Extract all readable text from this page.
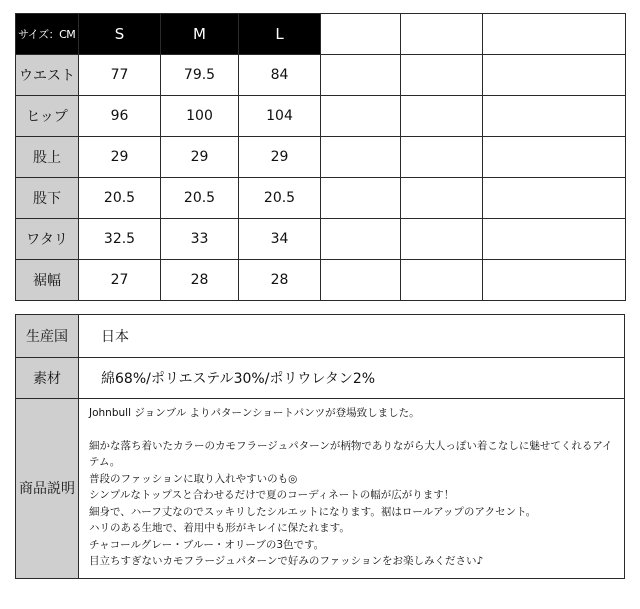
サイズ：CM	S	M	L			
ウエスト	77	79.5	84			
ヒップ	96	100	104			
股上	29	29	29			
股下	20.5	20.5	20.5			
ワタリ	32.5	33	34			
裾幅	27	28	28			
生産国	日本
素材	綿68%/ポリエステル30%/ポリウレタン2%
商品説明	

Johnbull ジョンブル よりパターンショートパンツが登場致しました。

細かな落ち着いたカラーのカモフラージュパターンが柄物でありながら大人っぽい着こなしに魅せてくれるアイテム。

普段のファッションに取り入れやすいのも◎

シンプルなトップスと合わせるだけで夏のコーディネートの幅が広がります！

細身で、ハーフ丈なのでスッキリしたシルエットになります。裾はロールアップのアクセント。

ハリのある生地で、着用中も形がキレイに保たれます。

チャコールグレー・ブルー・オリーブの3色です。

目立ちすぎないカモフラージュパターンで好みのファッションをお楽しみください♪
